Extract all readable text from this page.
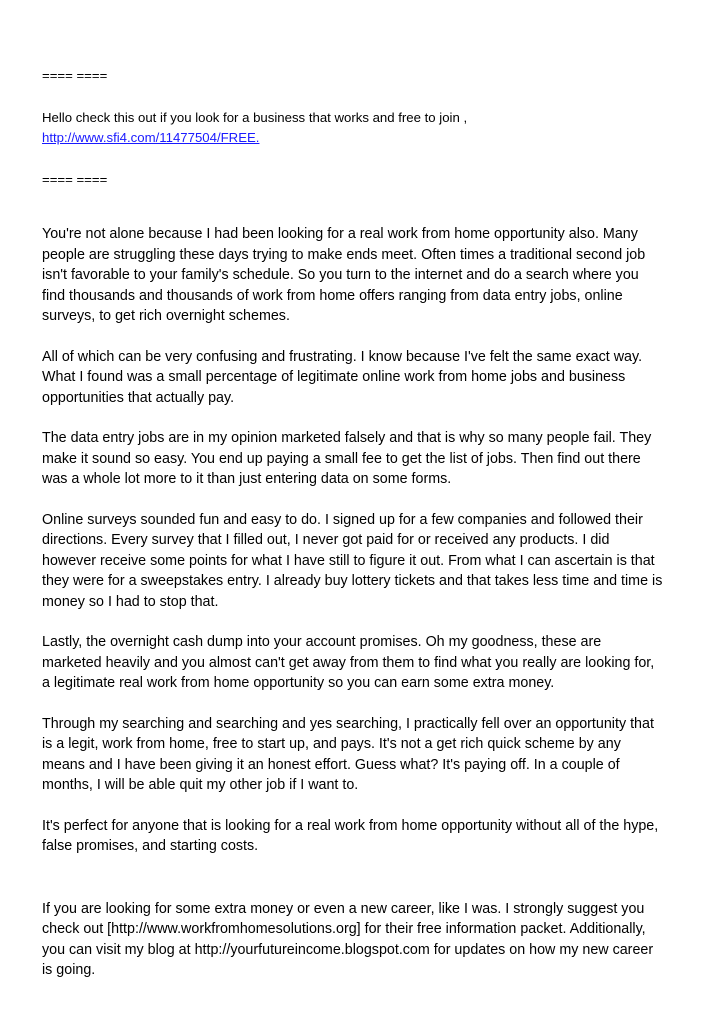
==== ====

Hello check this out if you look for a business that works and free to join ,
http://www.sfi4.com/11477504/FREE.

==== ====

You're not alone because I had been looking for a real work from home opportunity also. Many
people are struggling these days trying to make ends meet. Often times a traditional second job
isn't favorable to your family's schedule. So you turn to the internet and do a search where you
find thousands and thousands of work from home offers ranging from data entry jobs, online
surveys, to get rich overnight schemes.

All of which can be very confusing and frustrating. I know because I've felt the same exact way.
What I found was a small percentage of legitimate online work from home jobs and business
opportunities that actually pay.

The data entry jobs are in my opinion marketed falsely and that is why so many people fail. They
make it sound so easy. You end up paying a small fee to get the list of jobs. Then find out there
was a whole lot more to it than just entering data on some forms.

Online surveys sounded fun and easy to do. I signed up for a few companies and followed their
directions. Every survey that I filled out, I never got paid for or received any products. I did
however receive some points for what I have still to figure it out. From what I can ascertain is that
they were for a sweepstakes entry. I already buy lottery tickets and that takes less time and time is
money so I had to stop that.

Lastly, the overnight cash dump into your account promises. Oh my goodness, these are
marketed heavily and you almost can't get away from them to find what you really are looking for,
a legitimate real work from home opportunity so you can earn some extra money.

Through my searching and searching and yes searching, I practically fell over an opportunity that
is a legit, work from home, free to start up, and pays. It's not a get rich quick scheme by any
means and I have been giving it an honest effort. Guess what? It's paying off. In a couple of
months, I will be able quit my other job if I want to.

It's perfect for anyone that is looking for a real work from home opportunity without all of the hype,
false promises, and starting costs.

If you are looking for some extra money or even a new career, like I was. I strongly suggest you
check out [http://www.workfromhomesolutions.org] for their free information packet. Additionally,
you can visit my blog at http://yourfutureincome.blogspot.com for updates on how my new career
is going.
